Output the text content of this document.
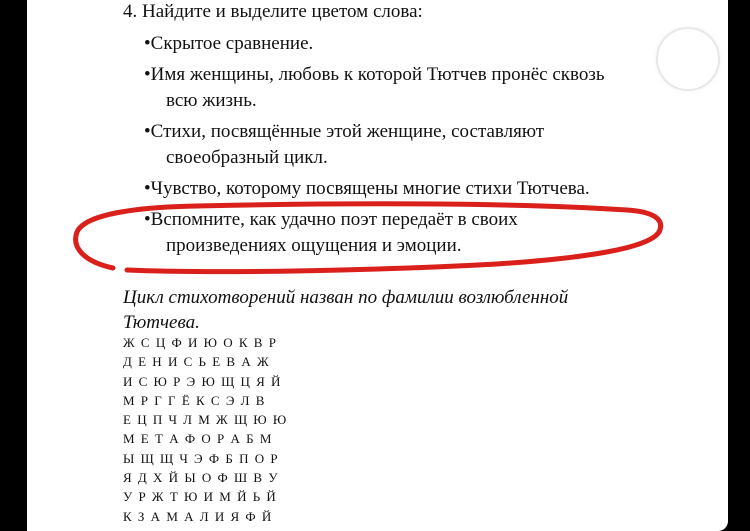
4. Найдите и выделите цветом слова:
•Скрытое сравнение.
•Имя женщины, любовь к которой Тютчев пронёс сквозь
всю жизнь.
•Стихи, посвящённые этой женщине, составляют
своеобразный цикл.
•Чувство, которому посвящены многие стихи Тютчева.
•Вспомните, как удачно поэт передаёт в своих
произведениях ощущения и эмоции.
Цикл стихотворений назван по фамилии возлюбленной
Тютчева.
Ж С Ц Ф И Ю О К В Р
Д Е Н И С Ь Е В А Ж
И С Ю Р Э Ю Щ Ц Я Й
М Р Г Г Ё К С Э Л В
Е Ц П Ч Л М Ж Щ Ю Ю
М Е Т А Ф О Р А Б М
Ы Щ Щ Ч Э Ф Б П О Р
Я Д Х Й Ы О Ф Ш В У
У Р Ж Т Ю И М Й Ь Й
К З А М А Л И Я Ф Й
